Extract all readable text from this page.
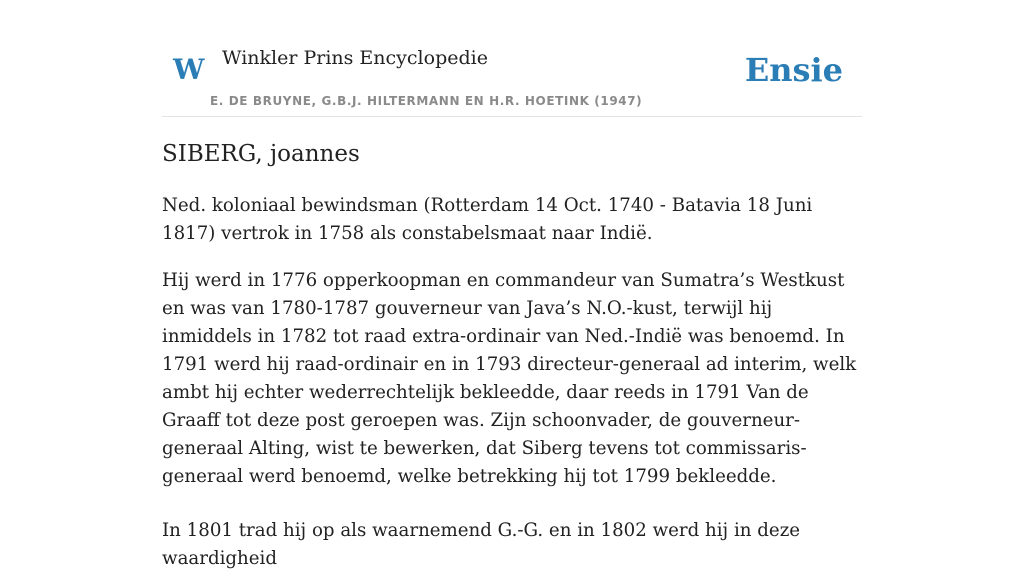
W Winkler Prins Encyclopedie
E. DE BRUYNE, G.B.J. HILTERMANN EN H.R. HOETINK (1947)
Ensie
SIBERG, joannes

Ned. koloniaal bewindsman (Rotterdam 14 Oct. 1740 - Batavia 18 Juni 1817) vertrok in 1758 als constabelsmaat naar Indië.

Hij werd in 1776 opperkoopman en commandeur van Sumatra’s Westkust en was van 1780-1787 gouverneur van Java’s N.O.-kust, terwijl hij inmiddels in 1782 tot raad extra-ordinair van Ned.-Indië was benoemd. In 1791 werd hij raad-ordinair en in 1793 directeur-generaal ad interim, welk ambt hij echter wederrechtelijk bekleedde, daar reeds in 1791 Van de Graaff tot deze post geroepen was. Zijn schoonvader, de gouverneur-generaal Alting, wist te bewerken, dat Siberg tevens tot commissaris-generaal werd benoemd, welke betrekking hij tot 1799 bekleedde.

In 1801 trad hij op als waarnemend G.-G. en in 1802 werd hij in deze waardigheid
